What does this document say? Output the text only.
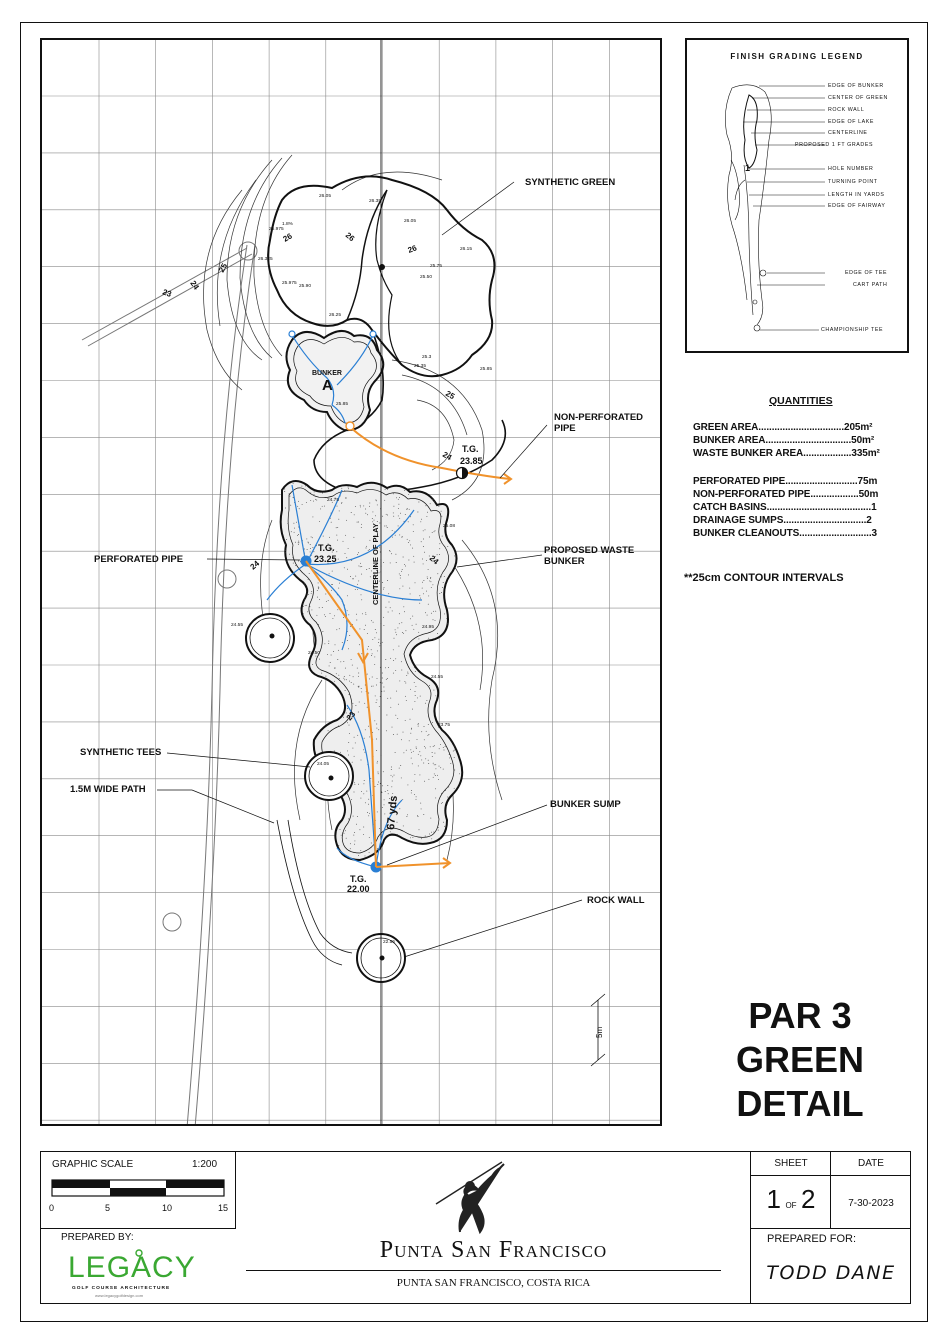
23
24
25
26	26
26
25
24
24
23
24
26.05
26.35
26.05
26.15
25.975
26.325
25.975
25.90
25.50
25.75
25.3
25.35
25.85
26.25
25.85
24.75
25.08
24.55	24.95
24.50
24.55
23.75
24.05
22.55
1.8%
BUNKER
A
CENTERLINE OF PLAY
T.G.
23.85
T.G.
23.25
T.G.
22.00
67 yds
5m
SYNTHETIC GREEN
NON-PERFORATED PIPE
PERFORATED PIPE
PROPOSED WASTE BUNKER
SYNTHETIC TEES
1.5M WIDE PATH
BUNKER SUMP
ROCK WALL
FINISH GRADING LEGEND
1
EDGE OF BUNKER
CENTER OF GREEN
ROCK WALL
EDGE OF LAKE
CENTERLINE
PROPOSED 1 FT GRADES
HOLE NUMBER
TURNING POINT
LENGTH IN YARDS
EDGE OF FAIRWAY
EDGE OF TEE
CART PATH
CHAMPIONSHIP TEE
QUANTITIES
GREEN AREA................................205m²
BUNKER AREA................................50m²
WASTE BUNKER AREA..................335m²
PERFORATED PIPE...........................75m
NON-PERFORATED PIPE..................50m
CATCH BASINS.......................................1
DRAINAGE SUMPS...............................2
BUNKER CLEANOUTS...........................3
**25cm CONTOUR INTERVALS
PAR 3
GREEN
DETAIL
GRAPHIC SCALE	1:200
0	5	10	15
PREPARED BY:
LEGACY
GOLF COURSE ARCHITECTURE
www.legacygolfdesign.com
Punta San Francisco
PUNTA SAN FRANCISCO, COSTA RICA
SHEET	DATE
1 OF 2	7-30-2023
PREPARED FOR:
TODD DANE
